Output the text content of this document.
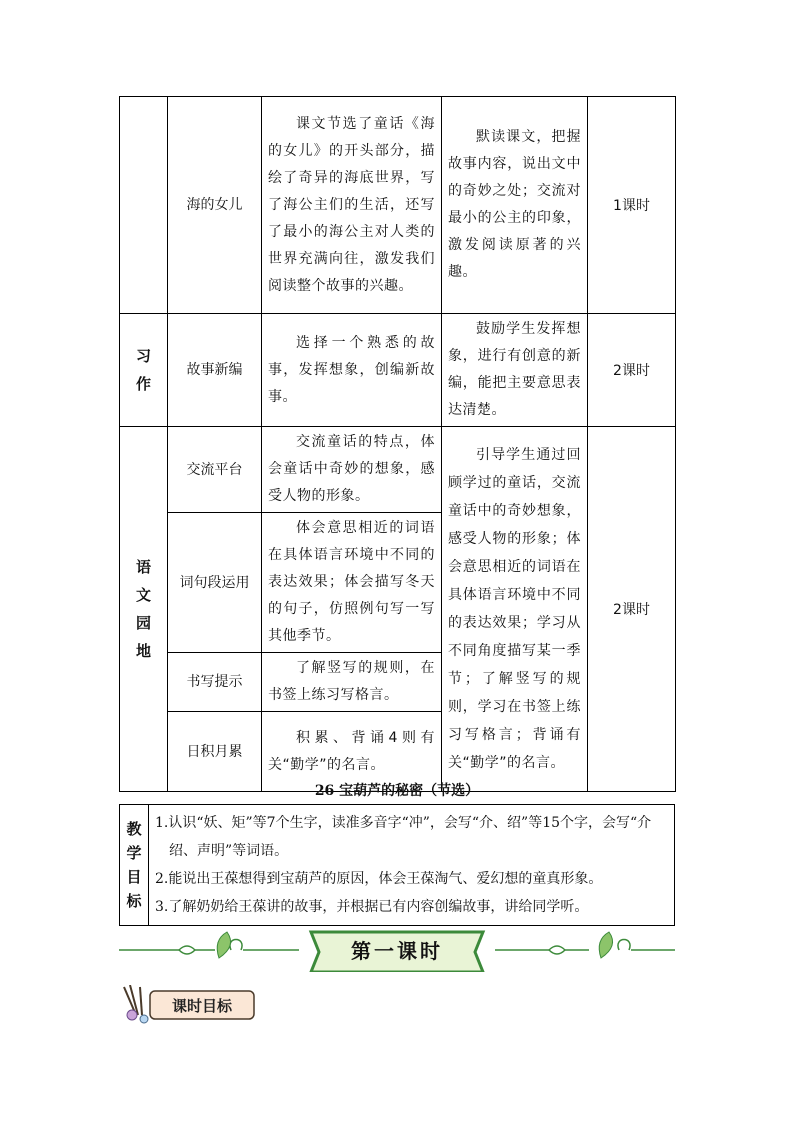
	海的女儿	课文节选了童话《海的女儿》的开头部分，描绘了奇异的海底世界，写了海公主们的生活，还写了最小的海公主对人类的世界充满向往，激发我们阅读整个故事的兴趣。	默读课文，把握故事内容，说出文中的奇妙之处；交流对最小的公主的印象，激发阅读原著的兴趣。	1课时

习
作	故事新编	选择一个熟悉的故事，发挥想象，创编新故事。	鼓励学生发挥想象，进行有创意的新编，能把主要意思表达清楚。	2课时

语
文
园
地	交流平台	交流童话的特点，体会童话中奇妙的想象，感受人物的形象。	引导学生通过回顾学过的童话，交流童话中的奇妙想象，感受人物的形象；体会意思相近的词语在具体语言环境中不同的表达效果；学习从不同角度描写某一季节；了解竖写的规则，学习在书签上练习写格言；背诵有关“勤学”的名言。	2课时
	词句段运用	体会意思相近的词语在具体语言环境中不同的表达效果；体会描写冬天的句子，仿照例句写一写其他季节。		

	书写提示	了解竖写的规则，在书签上练习写格言。		

	日积月累	积累、背诵4则有关“勤学”的名言。		
26 宝葫芦的秘密（节选）
教
学
目
标

1.认识“妖、矩”等7个生字，读准多音字“冲”，会写“介、绍”等15个字，会写“介绍、声明”等词语。
2.能说出王葆想得到宝葫芦的原因，体会王葆淘气、爱幻想的童真形象。
3.了解奶奶给王葆讲的故事，并根据已有内容创编故事，讲给同学听。
第一课时
课时目标
